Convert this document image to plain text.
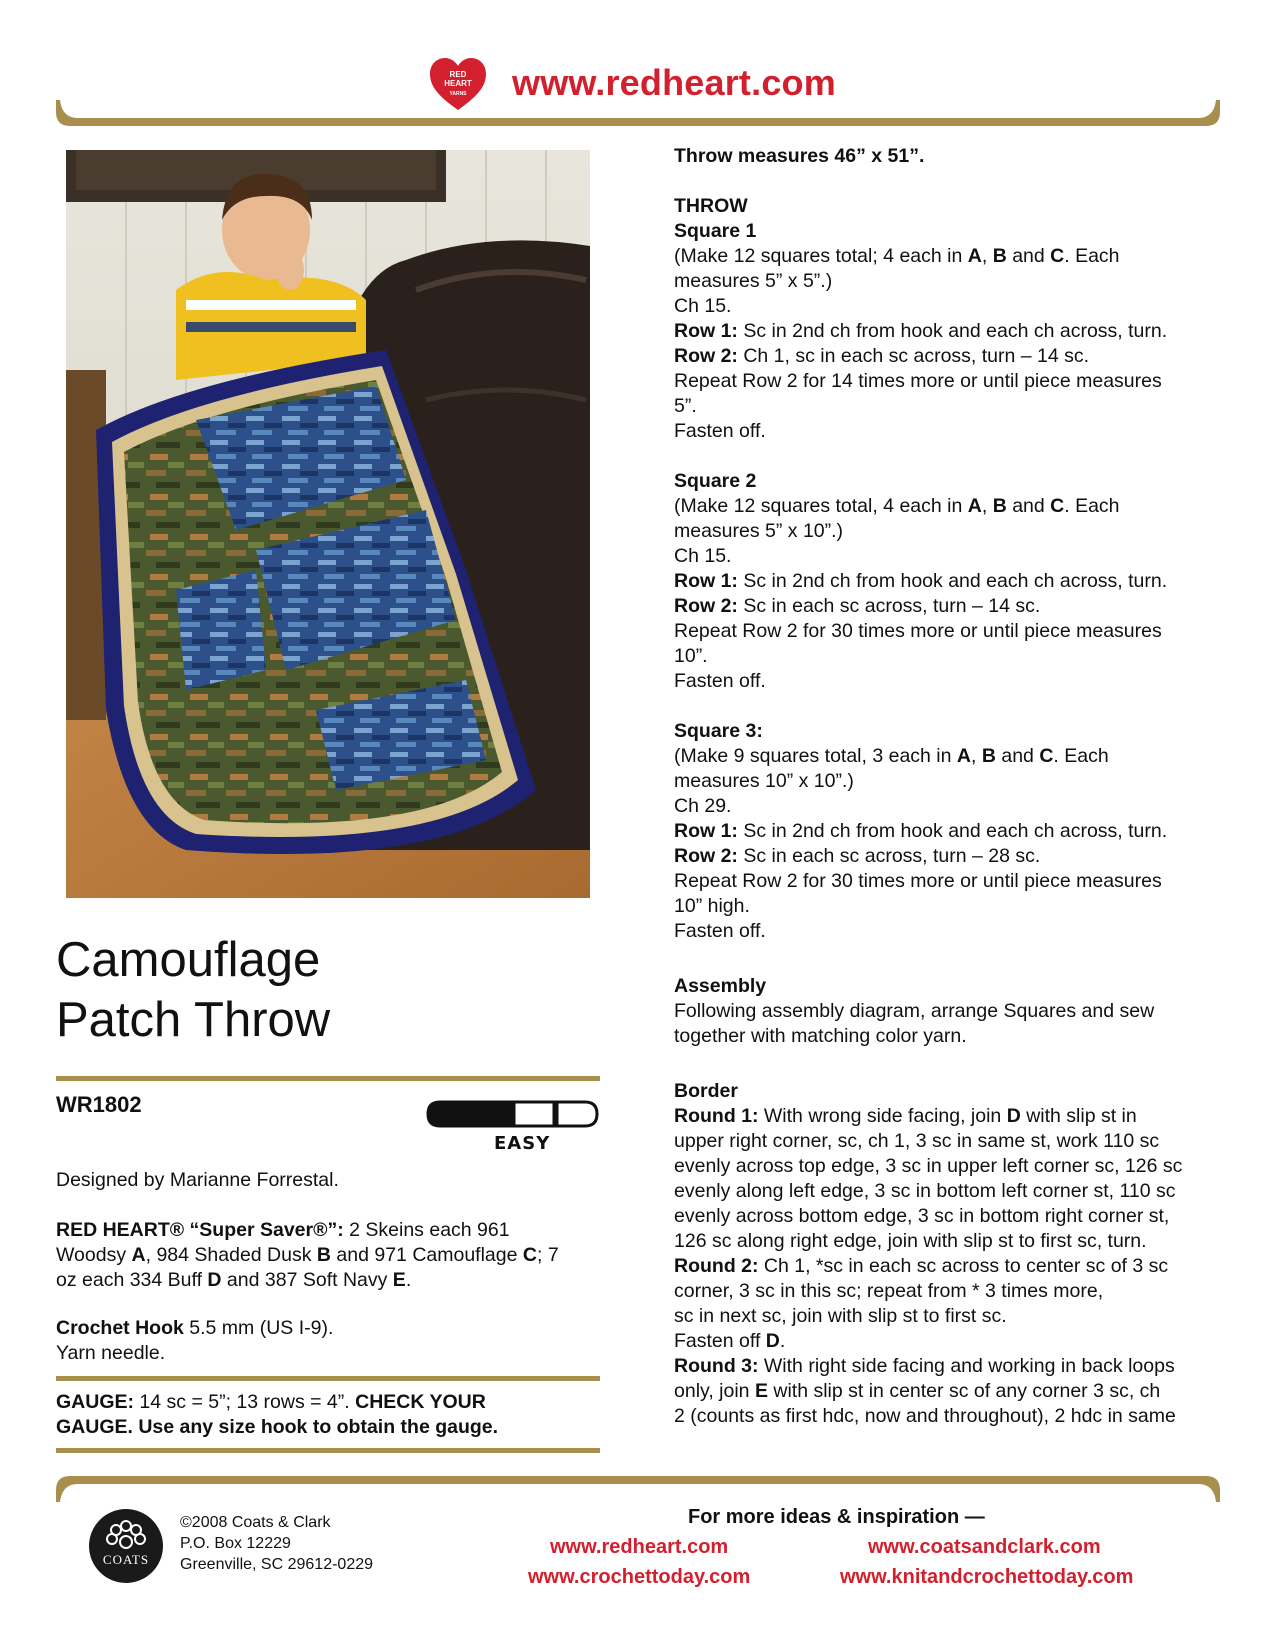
RED
HEART
YARNS www.redheart.com
Camouflage
Patch Throw
WR1802
EASY
Designed by Marianne Forrestal.
RED HEART® “Super Saver®”: 2 Skeins each 961
Woodsy A, 984 Shaded Dusk B and 971 Camouflage C; 7
oz each 334 Buff D and 387 Soft Navy E.
Crochet Hook 5.5 mm (US I-9).
Yarn needle.
GAUGE: 14 sc = 5”; 13 rows = 4”. CHECK YOUR
GAUGE. Use any size hook to obtain the gauge.
Throw measures 46” x 51”.
THROW
Square 1
(Make 12 squares total; 4 each in A, B and C. Each
measures 5” x 5”.)
Ch 15.
Row 1: Sc in 2nd ch from hook and each ch across, turn.
Row 2: Ch 1, sc in each sc across, turn – 14 sc.
Repeat Row 2 for 14 times more or until piece measures
5”.
Fasten off.
Square 2
(Make 12 squares total, 4 each in A, B and C. Each
measures 5” x 10”.)
Ch 15.
Row 1: Sc in 2nd ch from hook and each ch across, turn.
Row 2: Sc in each sc across, turn – 14 sc.
Repeat Row 2 for 30 times more or until piece measures
10”.
Fasten off.
Square 3:
(Make 9 squares total, 3 each in A, B and C. Each
measures 10” x 10”.)
Ch 29.
Row 1: Sc in 2nd ch from hook and each ch across, turn.
Row 2: Sc in each sc across, turn – 28 sc.
Repeat Row 2 for 30 times more or until piece measures
10” high.
Fasten off.
Assembly
Following assembly diagram, arrange Squares and sew
together with matching color yarn.
Border
Round 1: With wrong side facing, join D with slip st in
upper right corner, sc, ch 1, 3 sc in same st, work 110 sc
evenly across top edge, 3 sc in upper left corner sc, 126 sc
evenly along left edge, 3 sc in bottom left corner st, 110 sc
evenly across bottom edge, 3 sc in bottom right corner st,
126 sc along right edge, join with slip st to first sc, turn.
Round 2: Ch 1, *sc in each sc across to center sc of 3 sc
corner, 3 sc in this sc; repeat from * 3 times more,
sc in next sc, join with slip st to first sc.
Fasten off D.
Round 3: With right side facing and working in back loops
only, join E with slip st in center sc of any corner 3 sc, ch
2 (counts as first hdc, now and throughout), 2 hdc in same
COATS
©2008 Coats & Clark
P.O. Box 12229
Greenville, SC 29612-0229
For more ideas & inspiration —
www.redheart.com	www.coatsandclark.com
www.crochettoday.com	www.knitandcrochettoday.com
